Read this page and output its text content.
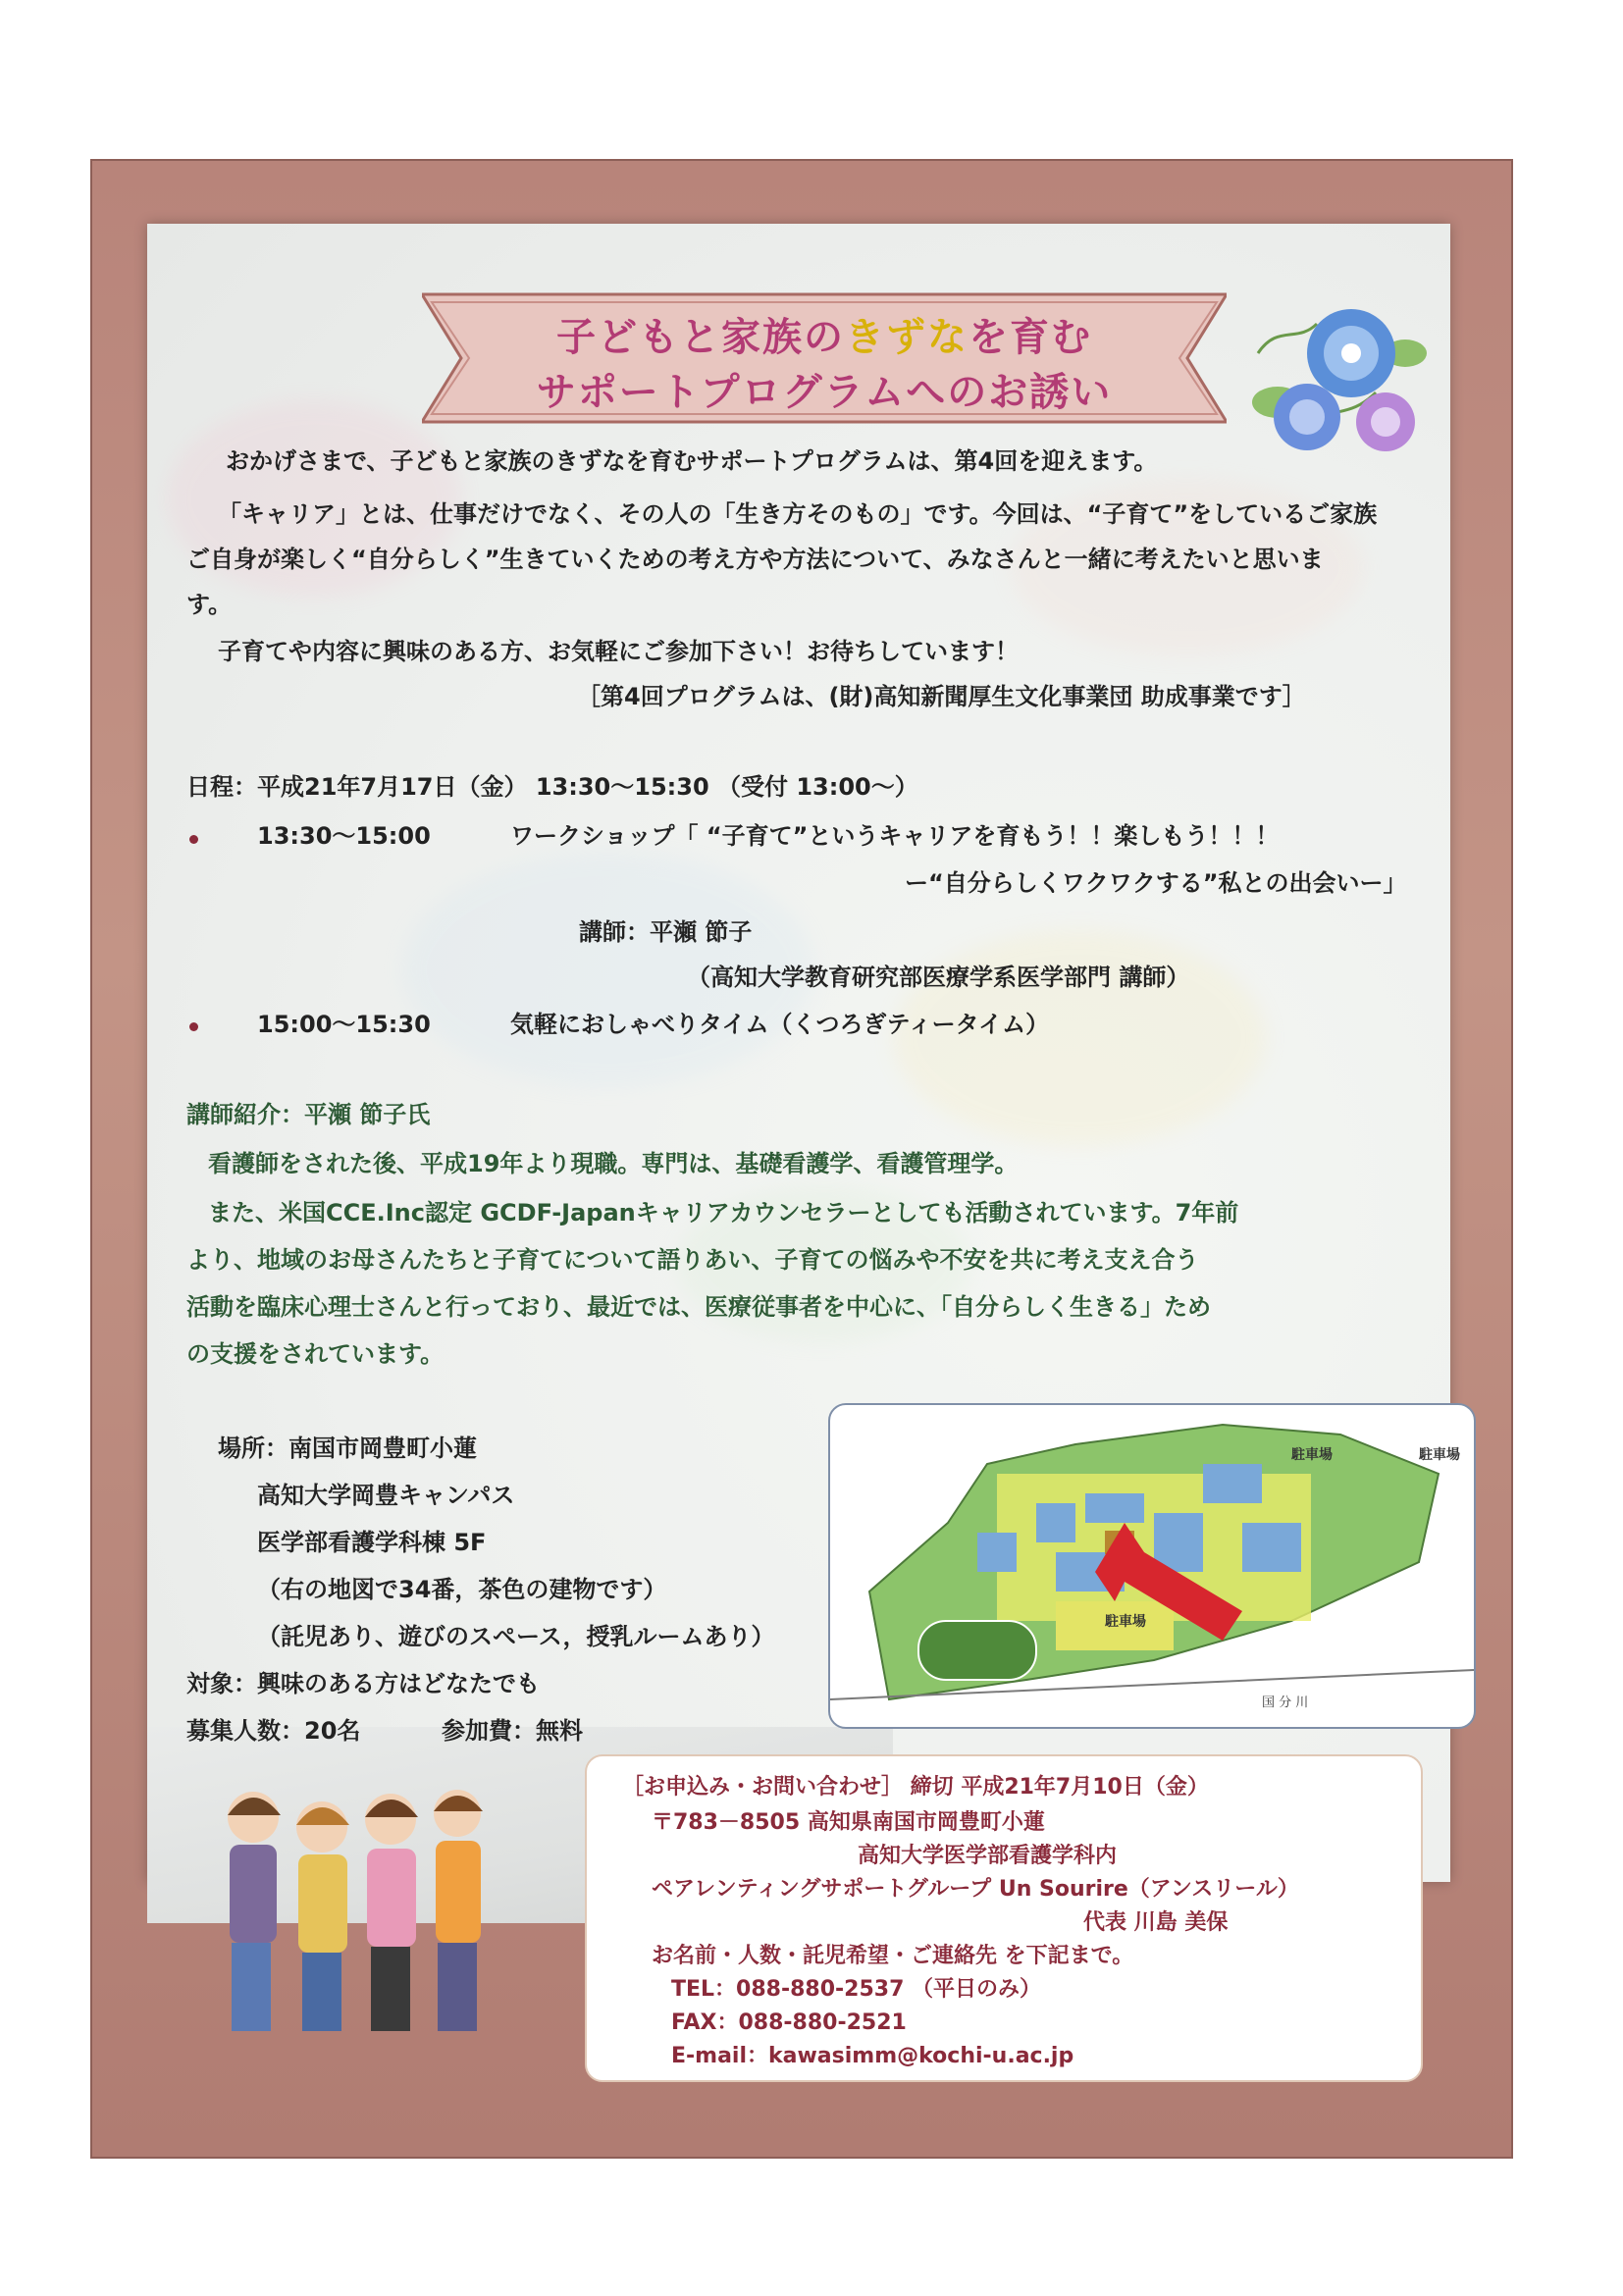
子どもと家族のきずなを育む
サポートプログラムへのお誘い
おかげさまで、子どもと家族のきずなを育むサポートプログラムは、第4回を迎えます。
「キャリア」とは、仕事だけでなく、その人の「生き方そのもの」です。今回は、“子育て”をしているご家族
ご自身が楽しく“自分らしく”生きていくための考え方や方法について、みなさんと一緒に考えたいと思いま
す。
子育てや内容に興味のある方、お気軽にご参加下さい！お待ちしています！
［第4回プログラムは、(財)高知新聞厚生文化事業団 助成事業です］
日程：平成21年7月17日（金） 13:30～15:30 （受付 13:00～）
13:30～15:00	ワークショップ「 “子育て”というキャリアを育もう！！楽しもう！！！
ー“自分らしくワクワクする”私との出会いー」
講師：平瀬 節子
（高知大学教育研究部医療学系医学部門 講師）
15:00～15:30	気軽におしゃべりタイム（くつろぎティータイム）
講師紹介：平瀬 節子氏
看護師をされた後、平成19年より現職。専門は、基礎看護学、看護管理学。
また、米国CCE.Inc認定 GCDF-Japanキャリアカウンセラーとしても活動されています。7年前
より、地域のお母さんたちと子育てについて語りあい、子育ての悩みや不安を共に考え支え合う
活動を臨床心理士さんと行っており、最近では、医療従事者を中心に、「自分らしく生きる」ため
の支援をされています。
場所：南国市岡豊町小蓮
高知大学岡豊キャンパス
医学部看護学科棟 5F
（右の地図で34番，茶色の建物です）
（託児あり、遊びのスペース，授乳ルームあり）
対象：興味のある方はどなたでも
募集人数：20名	参加費：無料
駐車場	駐車場
駐車場
国 分 川
［お申込み・お問い合わせ］ 締切 平成21年7月10日（金）
〒783－8505 高知県南国市岡豊町小蓮
高知大学医学部看護学科内
ペアレンティングサポートグループ Un Sourire（アンスリール）
代表 川島 美保
お名前・人数・託児希望・ご連絡先 を下記まで。
TEL：088-880-2537 （平日のみ）
FAX：088-880-2521
E-mail：kawasimm@kochi-u.ac.jp
